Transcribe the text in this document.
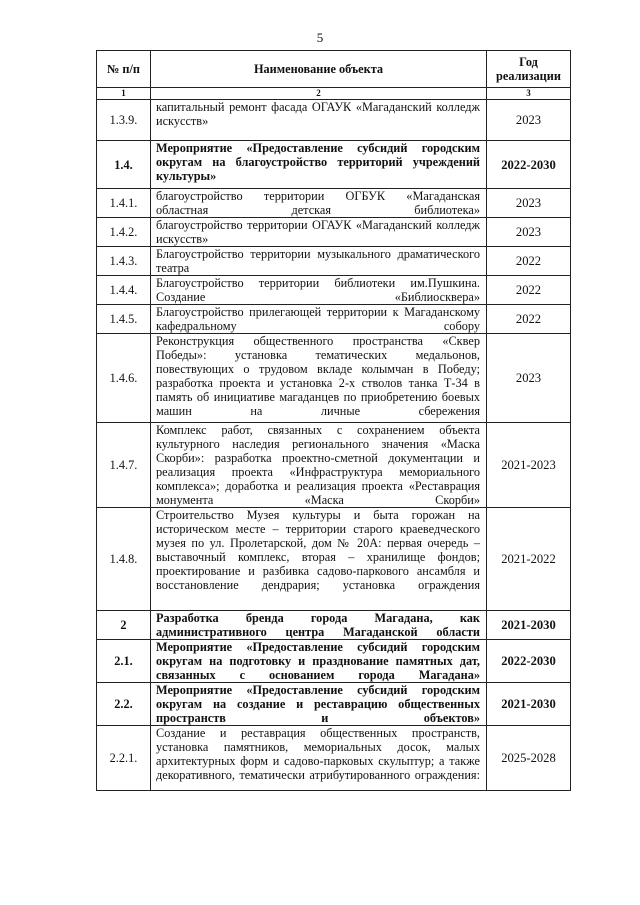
5
№ п/п	Наименование объекта	Год реализации
1	2	3
1.3.9.	капитальный ремонт фасада ОГАУК «Магаданский колледж искусств»	2023
1.4.	Мероприятие «Предоставление субсидий городским округам на благоустройство территорий учреждений культуры»	2022-2030
1.4.1.	благоустройство территории ОГБУК «Магаданская областная детская библиотека»	2023
1.4.2.	благоустройство территории ОГАУК «Магаданский колледж искусств»	2023
1.4.3.	Благоустройство территории музыкального драматического театра	2022
1.4.4.	Благоустройство территории библиотеки им.Пушкина. Создание «Библиосквера»	2022
1.4.5.	Благоустройство прилегающей территории к Магаданскому кафедральному собору	2022
1.4.6.	Реконструкция общественного пространства «Сквер Победы»: установка тематических медальонов, повествующих о трудовом вкладе колымчан в Победу; разработка проекта и установка 2-х стволов танка Т-34 в память об инициативе магаданцев по приобретению боевых машин на личные сбережения	2023
1.4.7.	Комплекс работ, связанных с сохранением объекта культурного наследия регионального значения «Маска Скорби»: разработка проектно-сметной документации и реализация проекта «Инфраструктура мемориального комплекса»; доработка и реализация проекта «Реставрация монумента «Маска Скорби»	2021-2023
1.4.8.	Строительство Музея культуры и быта горожан на историческом месте – территории старого краеведческого музея по ул. Пролетарской, дом № 20А: первая очередь – выставочный комплекс, вторая – хранилище фондов; проектирование и разбивка садово-паркового ансамбля и восстановление дендрария; установка ограждения	2021-2022
2	Разработка бренда города Магадана, как административного центра Магаданской области	2021-2030
2.1.	Мероприятие «Предоставление субсидий городским округам на подготовку и празднование памятных дат, связанных с основанием города Магадана»	2022-2030
2.2.	Мероприятие «Предоставление субсидий городским округам на создание и реставрацию общественных пространств и объектов»	2021-2030
2.2.1.	Создание и реставрация общественных пространств, установка памятников, мемориальных досок, малых архитектурных форм и садово-парковых скульптур; а также декоративного, тематически атрибутированного ограждения:	2025-2028
